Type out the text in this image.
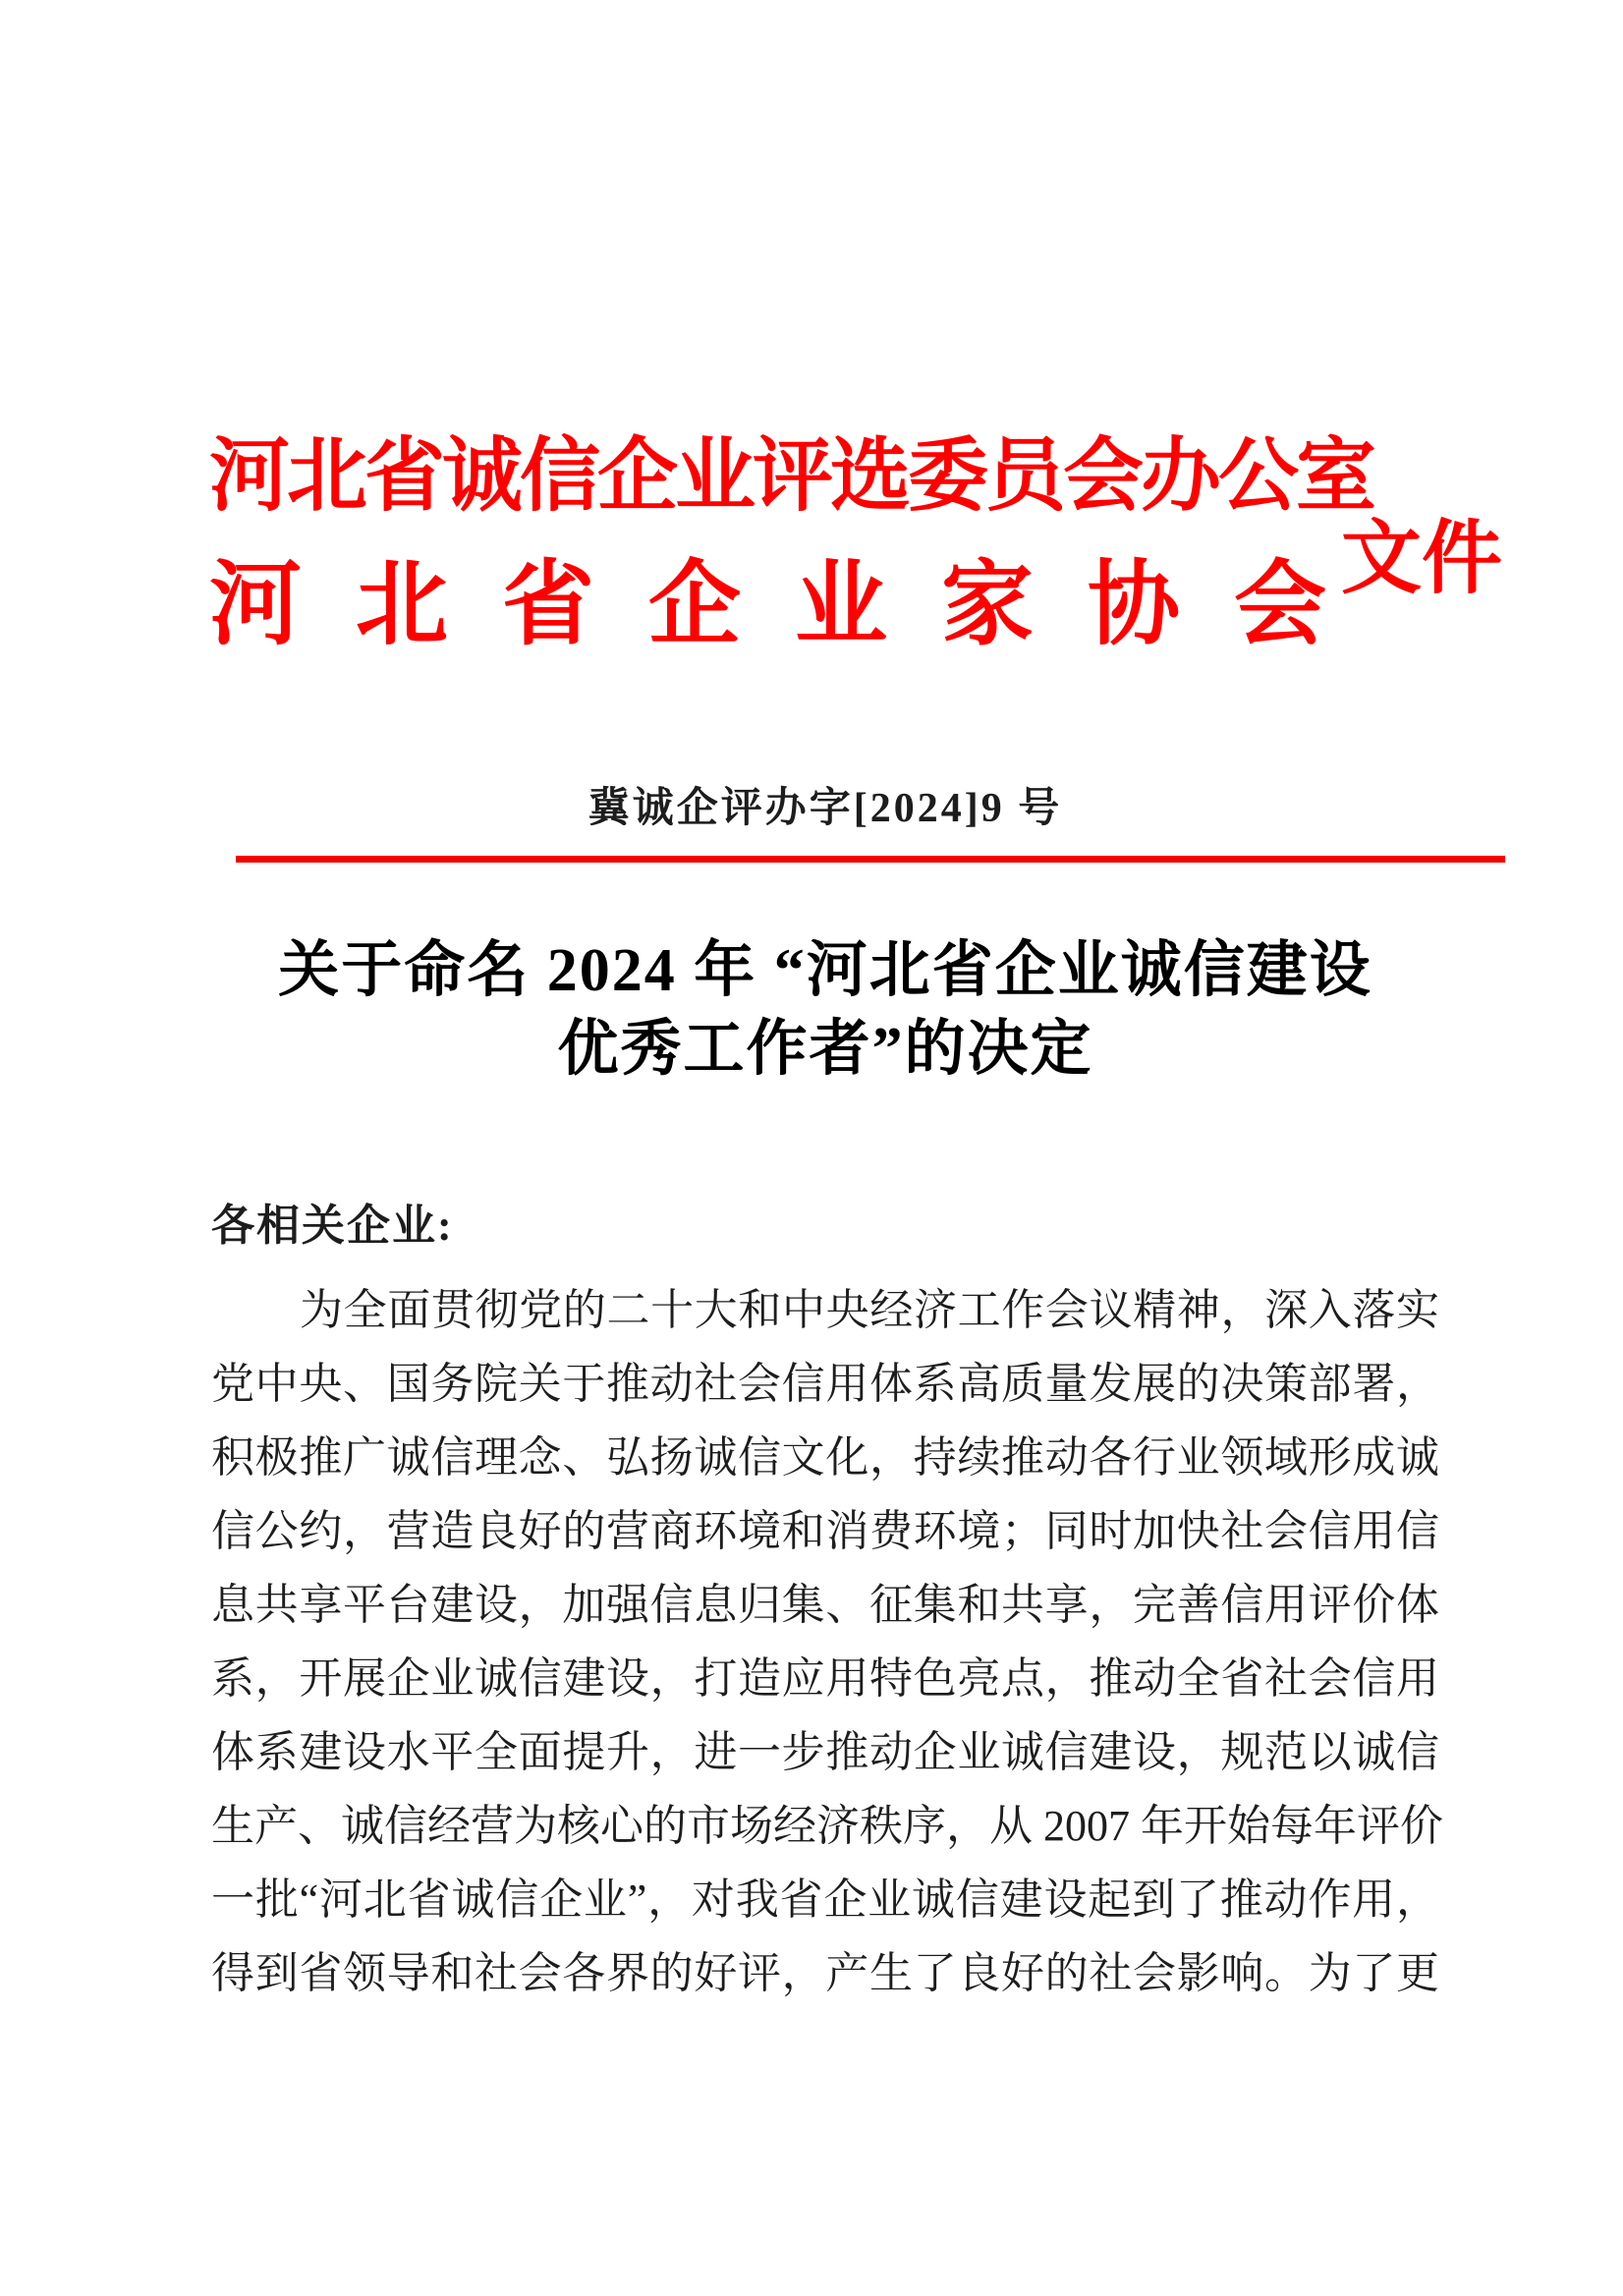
河北省诚信企业评选委员会办公室
河 北 省 企 业 家 协 会 文件
冀诚企评办字[2024]9 号
关于命名 2024 年 “河北省企业诚信建设
优秀工作者”的决定
各相关企业:
为全面贯彻党的二十大和中央经济工作会议精神，深入落实
党中央、国务院关于推动社会信用体系高质量发展的决策部署，
积极推广诚信理念、弘扬诚信文化，持续推动各行业领域形成诚
信公约，营造良好的营商环境和消费环境；同时加快社会信用信
息共享平台建设，加强信息归集、征集和共享，完善信用评价体
系，开展企业诚信建设，打造应用特色亮点，推动全省社会信用
体系建设水平全面提升，进一步推动企业诚信建设，规范以诚信
生产、诚信经营为核心的市场经济秩序，从 2007 年开始每年评价
一批“河北省诚信企业”，对我省企业诚信建设起到了推动作用，
得到省领导和社会各界的好评，产生了良好的社会影响。为了更
